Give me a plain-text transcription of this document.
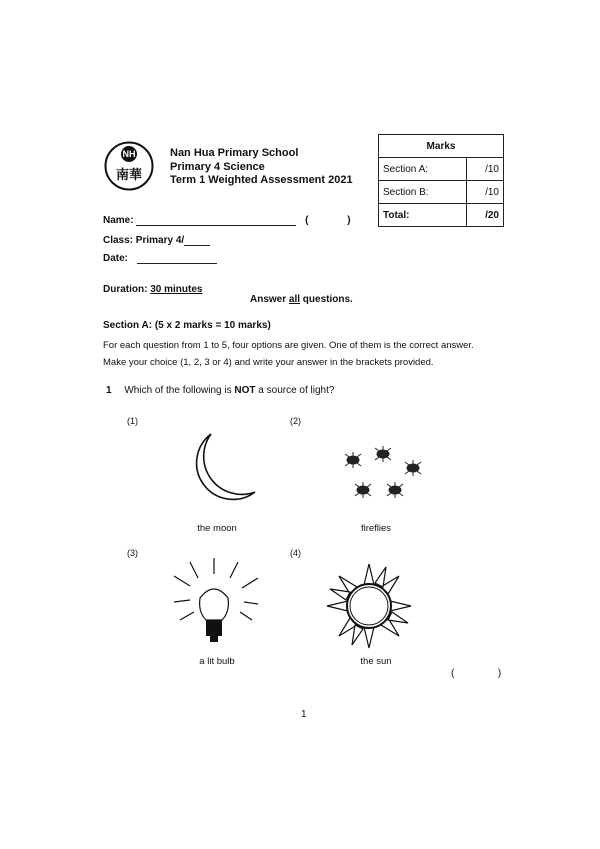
NH
南華
Nan Hua Primary School
Primary 4 Science
Term 1 Weighted Assessment 2021
Marks	
Section A:	/10
Section B:	/10
Total:	/20
Name:	(	)
Class: Primary 4/
Date:
Duration: 30 minutes
Answer all questions.
Section A: (5 x 2 marks = 10 marks)
For each question from 1 to 5, four options are given. One of them is the correct answer.
Make your choice (1, 2, 3 or 4) and write your answer in the brackets provided.
1 Which of the following is NOT a source of light?
(1)	(2)
(3)	(4)
the moon	fireflies
a lit bulb	the sun
(	)
1
